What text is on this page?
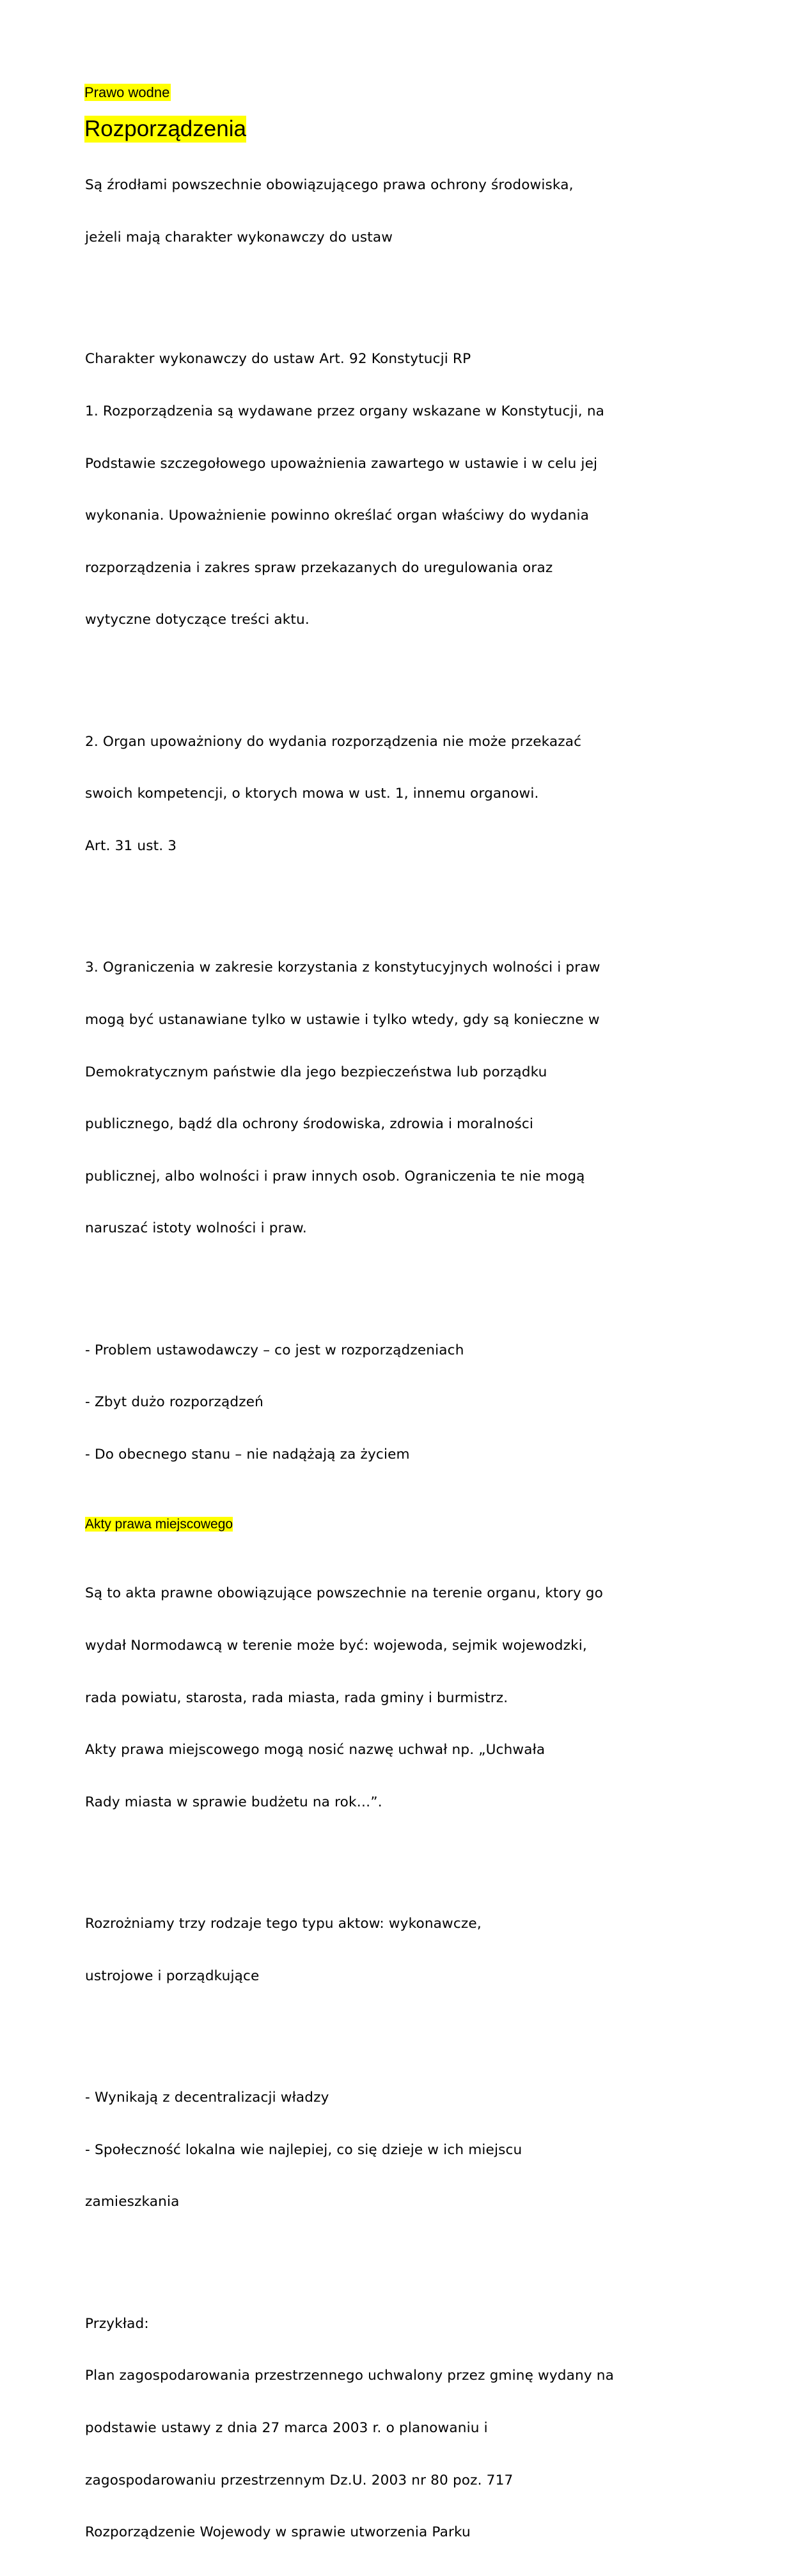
Prawo wodne
Rozporządzenia

Są źrodłami powszechnie obowiązującego prawa ochrony środowiska,

jeżeli mają charakter wykonawczy do ustaw

Charakter wykonawczy do ustaw Art. 92 Konstytucji RP

1. Rozporządzenia są wydawane przez organy wskazane w Konstytucji, na

Podstawie szczegołowego upoważnienia zawartego w ustawie i w celu jej

wykonania. Upoważnienie powinno określać organ właściwy do wydania

rozporządzenia i zakres spraw przekazanych do uregulowania oraz

wytyczne dotyczące treści aktu.

2. Organ upoważniony do wydania rozporządzenia nie może przekazać

swoich kompetencji, o ktorych mowa w ust. 1, innemu organowi.

Art. 31 ust. 3

3. Ograniczenia w zakresie korzystania z konstytucyjnych wolności i praw

mogą być ustanawiane tylko w ustawie i tylko wtedy, gdy są konieczne w

Demokratycznym państwie dla jego bezpieczeństwa lub porządku

publicznego, bądź dla ochrony środowiska, zdrowia i moralności

publicznej, albo wolności i praw innych osob. Ograniczenia te nie mogą

naruszać istoty wolności i praw.

- Problem ustawodawczy – co jest w rozporządzeniach

- Zbyt dużo rozporządzeń

- Do obecnego stanu – nie nadążają za życiem

Akty prawa miejscowego

Są to akta prawne obowiązujące powszechnie na terenie organu, ktory go

wydał Normodawcą w terenie może być: wojewoda, sejmik wojewodzki,

rada powiatu, starosta, rada miasta, rada gminy i burmistrz.

Akty prawa miejscowego mogą nosić nazwę uchwał np. „Uchwała

Rady miasta w sprawie budżetu na rok…”.

Rozrożniamy trzy rodzaje tego typu aktow: wykonawcze,

ustrojowe i porządkujące

- Wynikają z decentralizacji władzy

- Społeczność lokalna wie najlepiej, co się dzieje w ich miejscu

zamieszkania

Przykład:

Plan zagospodarowania przestrzennego uchwalony przez gminę wydany na

podstawie ustawy z dnia 27 marca 2003 r. o planowaniu i

zagospodarowaniu przestrzennym Dz.U. 2003 nr 80 poz. 717

Rozporządzenie Wojewody w sprawie utworzenia Parku
